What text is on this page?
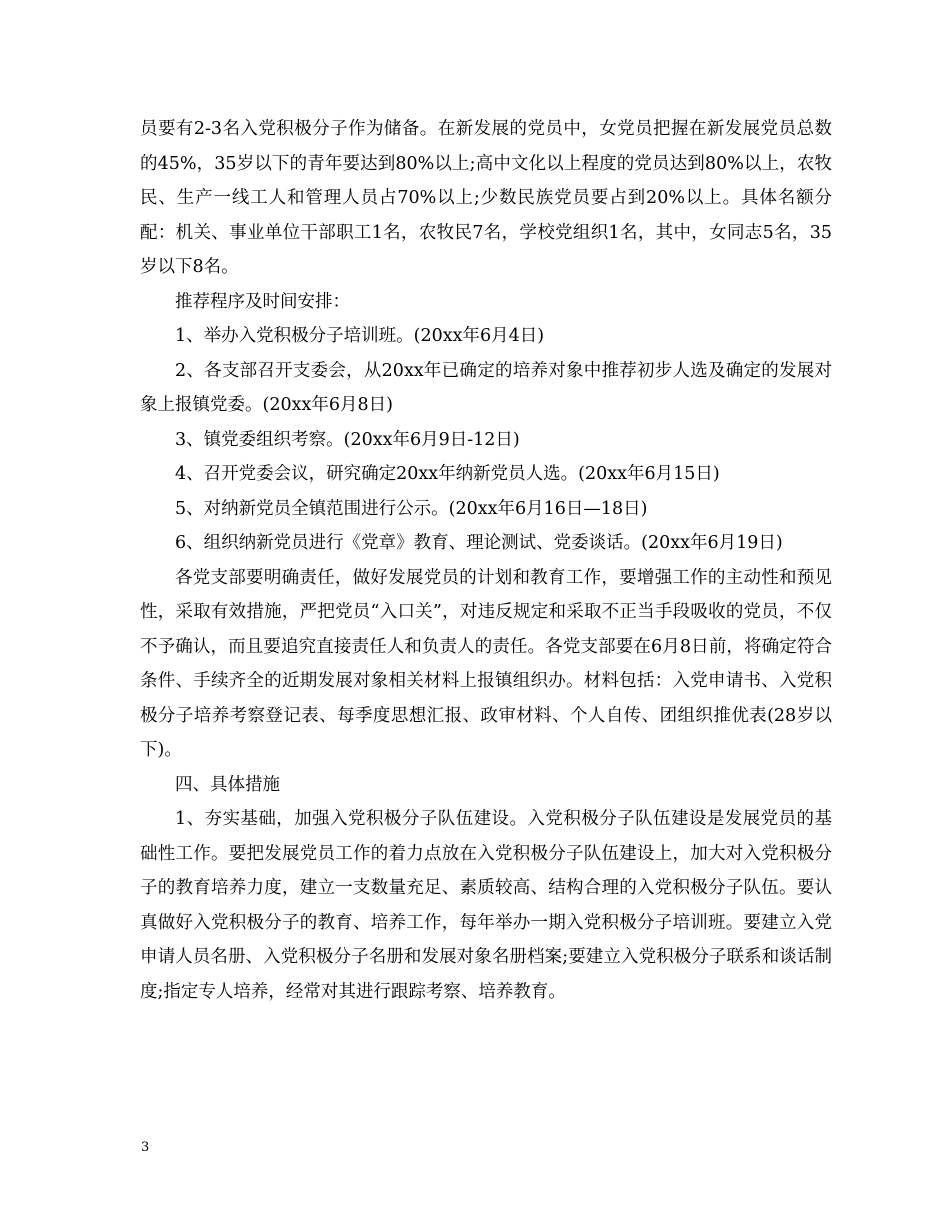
员要有2-3名入党积极分子作为储备。在新发展的党员中，女党员把握在新发展党员总数的45%，35岁以下的青年要达到80%以上;高中文化以上程度的党员达到80%以上，农牧民、生产一线工人和管理人员占70%以上;少数民族党员要占到20%以上。具体名额分配：机关、事业单位干部职工1名，农牧民7名，学校党组织1名，其中，女同志5名，35岁以下8名。

推荐程序及时间安排：

1、举办入党积极分子培训班。(20xx年6月4日)

2、各支部召开支委会，从20xx年已确定的培养对象中推荐初步人选及确定的发展对象上报镇党委。(20xx年6月8日)

3、镇党委组织考察。(20xx年6月9日-12日)

4、召开党委会议，研究确定20xx年纳新党员人选。(20xx年6月15日)

5、对纳新党员全镇范围进行公示。(20xx年6月16日—18日)

6、组织纳新党员进行《党章》教育、理论测试、党委谈话。(20xx年6月19日)

各党支部要明确责任，做好发展党员的计划和教育工作，要增强工作的主动性和预见性，采取有效措施，严把党员“入口关”，对违反规定和采取不正当手段吸收的党员，不仅不予确认，而且要追究直接责任人和负责人的责任。各党支部要在6月8日前，将确定符合条件、手续齐全的近期发展对象相关材料上报镇组织办。材料包括：入党申请书、入党积极分子培养考察登记表、每季度思想汇报、政审材料、个人自传、团组织推优表(28岁以下)。

四、具体措施

1、夯实基础，加强入党积极分子队伍建设。入党积极分子队伍建设是发展党员的基础性工作。要把发展党员工作的着力点放在入党积极分子队伍建设上，加大对入党积极分子的教育培养力度，建立一支数量充足、素质较高、结构合理的入党积极分子队伍。要认真做好入党积极分子的教育、培养工作，每年举办一期入党积极分子培训班。要建立入党申请人员名册、入党积极分子名册和发展对象名册档案;要建立入党积极分子联系和谈话制度;指定专人培养，经常对其进行跟踪考察、培养教育。

3
